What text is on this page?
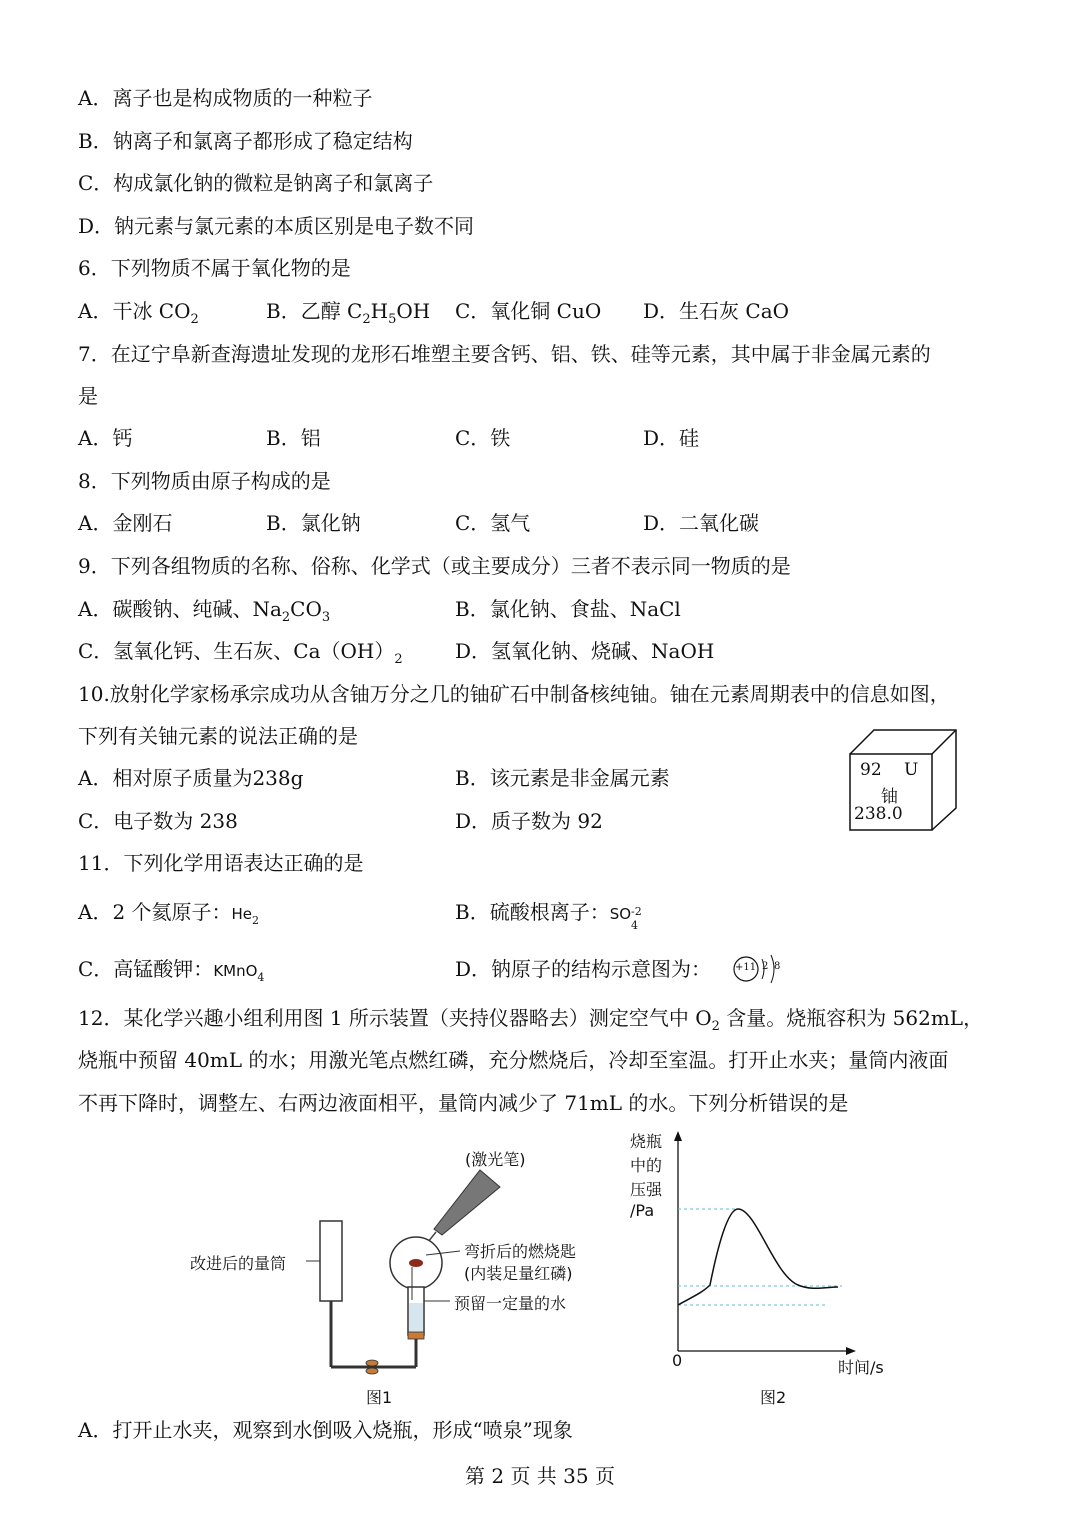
A．离子也是构成物质的一种粒子
B．钠离子和氯离子都形成了稳定结构
C．构成氯化钠的微粒是钠离子和氯离子
D．钠元素与氯元素的本质区别是电子数不同
6．下列物质不属于氧化物的是
A．干冰 $CO_2$	B．乙醇 $C_2H_5OH$ C．氧化铜 CuO D．生石灰 CaO
7．在辽宁阜新查海遗址发现的龙形石堆塑主要含钙、铝、铁、硅等元素，其中属于非金属元素的
是
A．钙	B．铝	C．铁	D．硅
8．下列物质由原子构成的是
A．金刚石	B．氯化钠	C．氢气	D．二氧化碳
9．下列各组物质的名称、俗称、化学式（或主要成分）三者不表示同一物质的是
A．碳酸钠、纯碱、$Na_2CO_3$	B．氯化钠、食盐、NaCl
C．氢氧化钙、生石灰、$Ca(OH)_2$	D．氢氧化钠、烧碱、NaOH
10.放射化学家杨承宗成功从含铀万分之几的铀矿石中制备核纯铀。铀在元素周期表中的信息如图，
下列有关铀元素的说法正确的是
A．相对原子质量为238g	B．该元素是非金属元素
C．电子数为 238	D．质子数为 92
92 U
铀
238.0
11．下列化学用语表达正确的是
A．2 个氦原子：$He_2$	B．硫酸根离子：SO -2
4
C．高锰酸钾：KMnO$_4$	D．钠原子的结构示意图为： +11 2 8
12．某化学兴趣小组利用图 1 所示装置（夹持仪器略去）测定空气中 $O_2$ 含量。烧瓶容积为 562mL，
烧瓶中预留 40mL 的水；用激光笔点燃红磷，充分燃烧后，冷却至室温。打开止水夹；量筒内液面
不再下降时，调整左、右两边液面相平，量筒内减少了 71mL 的水。下列分析错误的是
(激光笔)
改进后的量筒
弯折后的燃烧匙
(内装足量红磷)
预留一定量的水
图1
烧瓶
中的
压强
/Pa
0	时间/s
图2
A．打开止水夹，观察到水倒吸入烧瓶，形成“喷泉”现象
第 2 页 共 35 页
